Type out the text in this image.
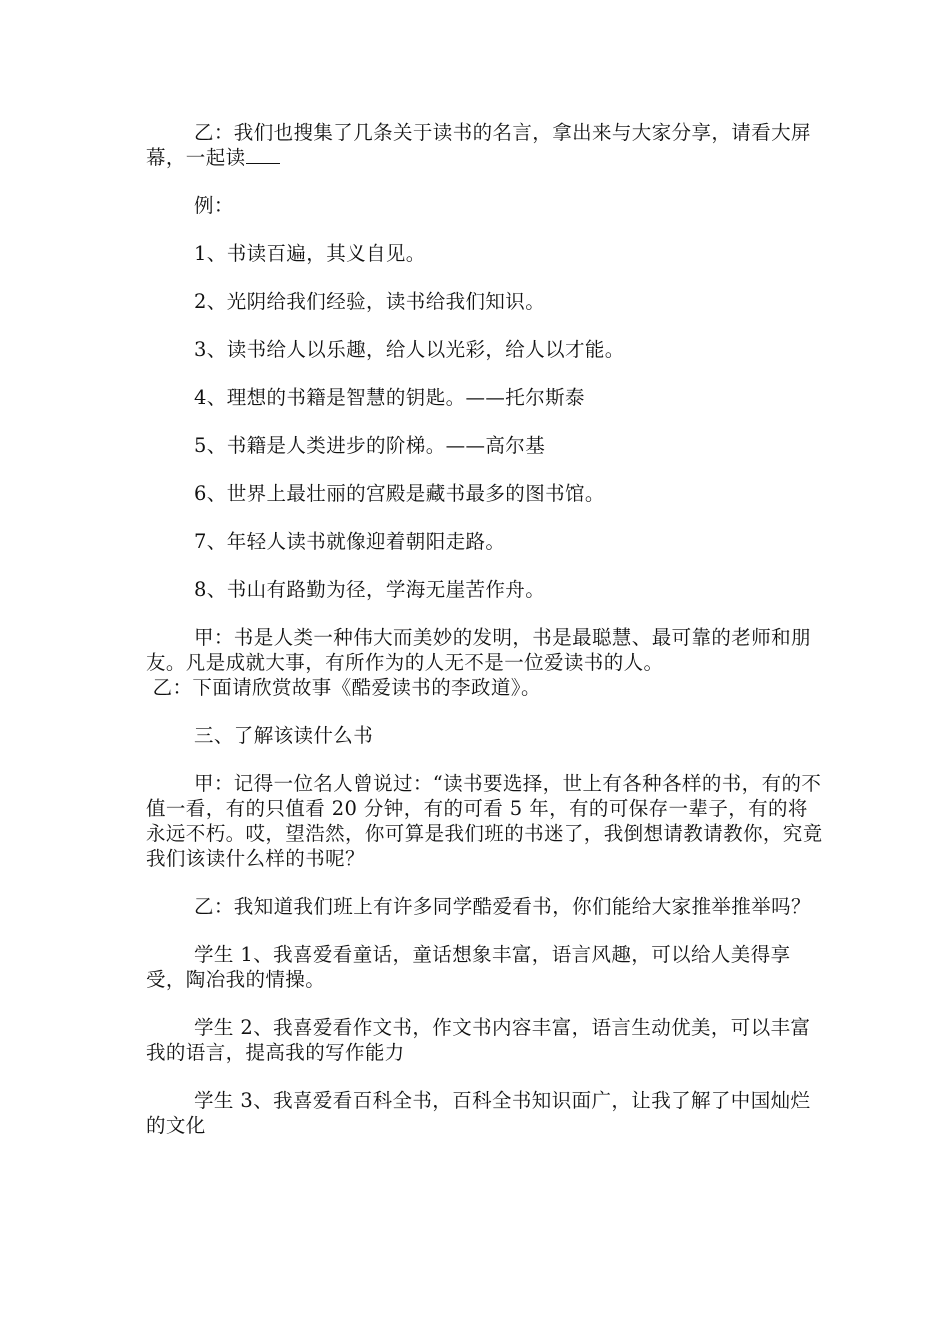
乙：我们也搜集了几条关于读书的名言，拿出来与大家分享，请看大屏幕，一起读

例：

1、书读百遍，其义自见。

2、光阴给我们经验，读书给我们知识。

3、读书给人以乐趣，给人以光彩，给人以才能。

4、理想的书籍是智慧的钥匙。——托尔斯泰

5、书籍是人类进步的阶梯。——高尔基

6、世界上最壮丽的宫殿是藏书最多的图书馆。

7、年轻人读书就像迎着朝阳走路。

8、书山有路勤为径，学海无崖苦作舟。

甲：书是人类一种伟大而美妙的发明，书是最聪慧、最可靠的老师和朋友。凡是成就大事，有所作为的人无不是一位爱读书的人。

乙：下面请欣赏故事《酷爱读书的李政道》。

三、了解该读什么书

甲：记得一位名人曾说过：“读书要选择，世上有各种各样的书，有的不值一看，有的只值看 20 分钟，有的可看 5 年，有的可保存一辈子，有的将永远不朽。哎，望浩然，你可算是我们班的书迷了，我倒想请教请教你，究竟我们该读什么样的书呢？

乙：我知道我们班上有许多同学酷爱看书，你们能给大家推举推举吗？

学生 1、我喜爱看童话，童话想象丰富，语言风趣，可以给人美得享受，陶冶我的情操。

学生 2、我喜爱看作文书，作文书内容丰富，语言生动优美，可以丰富我的语言，提高我的写作能力

学生 3、我喜爱看百科全书，百科全书知识面广，让我了解了中国灿烂的文化
